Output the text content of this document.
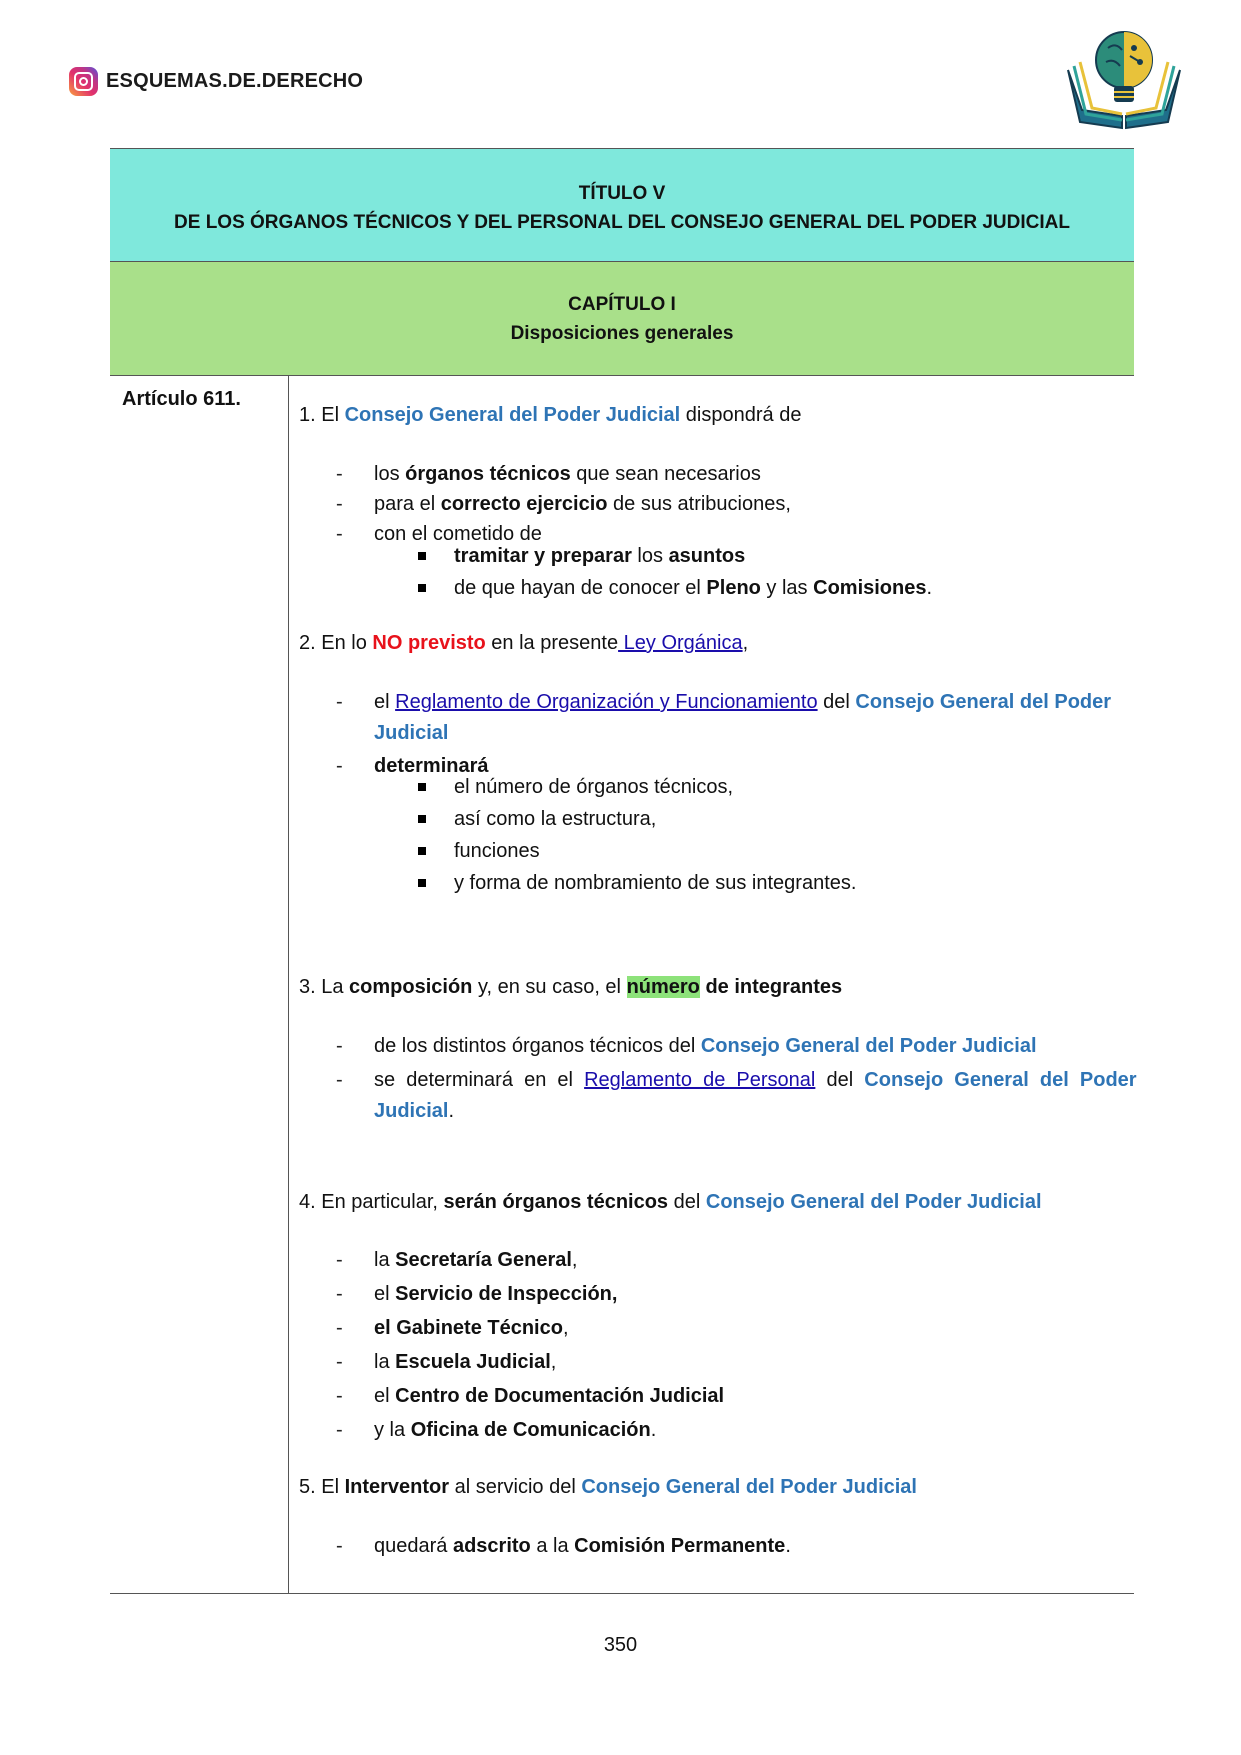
ESQUEMAS.DE.DERECHO
TÍTULO V
DE LOS ÓRGANOS TÉCNICOS Y DEL PERSONAL DEL CONSEJO GENERAL DEL PODER JUDICIAL
CAPÍTULO I
Disposiciones generales
Artículo 611.
1. El Consejo General del Poder Judicial dispondrá de
- los órganos técnicos que sean necesarios
- para el correcto ejercicio de sus atribuciones,
- con el cometido de
tramitar y preparar los asuntos
de que hayan de conocer el Pleno y las Comisiones.
2. En lo NO previsto en la presente Ley Orgánica,
- el Reglamento de Organización y Funcionamiento del Consejo General del Poder
Judicial
- determinará
el número de órganos técnicos,
así como la estructura,
funciones
y forma de nombramiento de sus integrantes.
3. La composición y, en su caso, el número de integrantes
- de los distintos órganos técnicos del Consejo General del Poder Judicial
- se  determinará  en  el  Reglamento  de  Personal  del  Consejo  General  del  Poder
Judicial.
4. En particular, serán órganos técnicos del Consejo General del Poder Judicial
- la Secretaría General,
- el Servicio de Inspección,
- el Gabinete Técnico,
- la Escuela Judicial,
- el Centro de Documentación Judicial
- y la Oficina de Comunicación.
5. El Interventor al servicio del Consejo General del Poder Judicial
- quedará adscrito a la Comisión Permanente.
350
